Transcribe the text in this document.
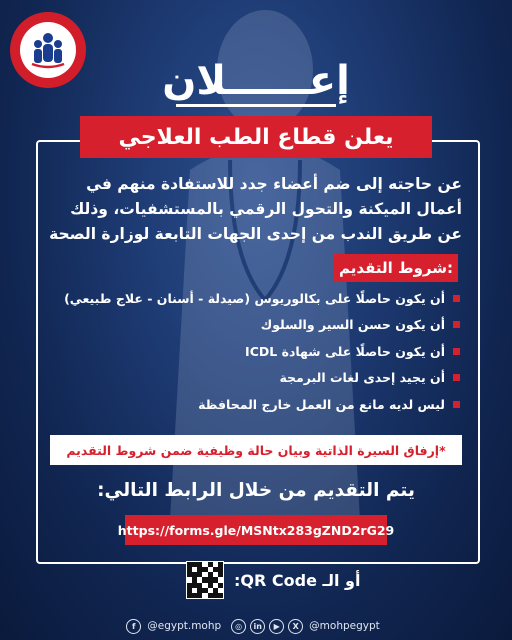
إعــــــلان
يعلن قطاع الطب العلاجي
عن حاجته إلى ضم أعضاء جدد للاستفادة منهم في أعمال الميكنة والتحول الرقمي بالمستشفيات، وذلك عن طريق الندب من إحدى الجهات التابعة لوزارة الصحة
شروط التقديم:
أن يكون حاصلًا على بكالوريوس (صيدلة - أسنان - علاج طبيعي)
أن يكون حسن السير والسلوك
أن يكون حاصلًا على شهادة ICDL
أن يجيد إحدى لغات البرمجة
ليس لديه مانع من العمل خارج المحافظة
*إرفاق السيرة الذاتية وبيان حالة وظيفية ضمن شروط التقديم
يتم التقديم من خلال الرابط التالي:
https://forms.gle/MSNtx283gZND2rG29
أو الـ QR Code:
f	@egypt.mohp	◎	in	▶	X @mohpegypt
